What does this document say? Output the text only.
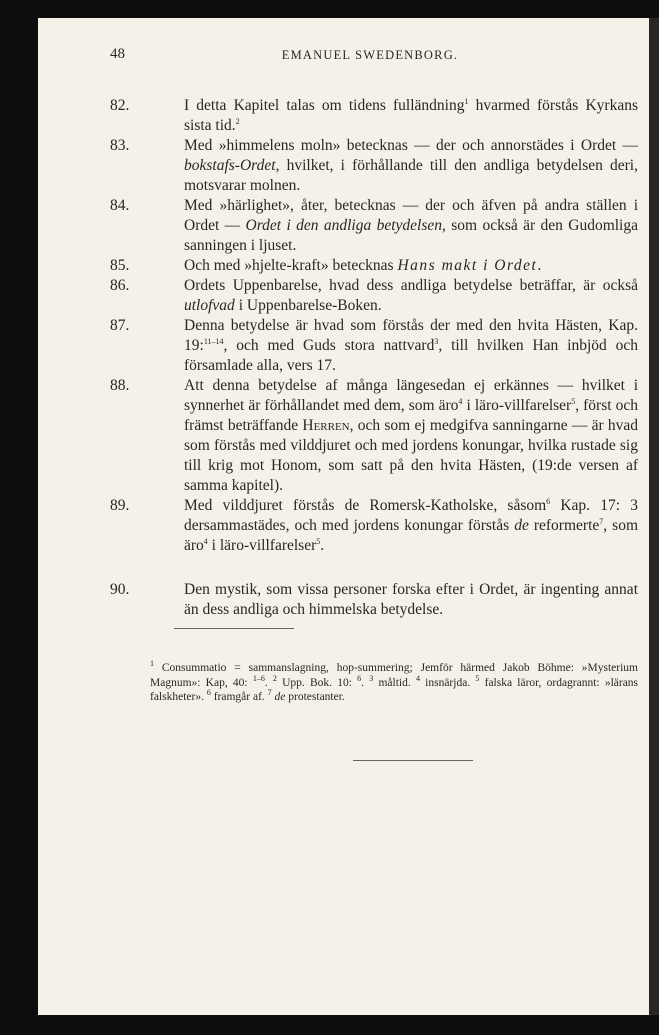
48	EMANUEL SWEDENBORG.
82.	I detta Kapitel talas om tidens fulländning$^1$ hvarmed förstås Kyrkans sista tid.$^2$
83.	Med »himmelens moln» betecknas — der och annorstädes i Ordet — bokstafs-Ordet, hvilket, i förhållande till den andliga betydelsen deri, motsvarar molnen.
84.	Med »härlighet», åter, betecknas — der och äfven på andra ställen i Ordet — Ordet i den andliga betydelsen, som också är den Gudomliga sanningen i ljuset.
85.	Och med »hjelte-kraft» betecknas Hans makt i Ordet.
86.	Ordets Uppenbarelse, hvad dess andliga betydelse beträffar, är också utlofvad i Uppenbarelse-Boken.
87.	Denna betydelse är hvad som förstås der med den hvita Hästen, Kap. 19:$^{11-14}$, och med Guds stora nattvard$^3$, till hvilken Han inbjöd och församlade alla, vers 17.
88.	Att denna betydelse af många längesedan ej erkännes — hvilket i synnerhet är förhållandet med dem, som äro$^4$ i läro-villfarelser$^5$, först och främst beträffande Herren, och som ej medgifva sanningarne — är hvad som förstås med vilddjuret och med jordens konungar, hvilka rustade sig till krig mot Honom, som satt på den hvita Hästen, (19:de versen af samma kapitel).
89.	Med vilddjuret förstås de Romersk-Katholske, såsom$^6$ Kap. 17: 3 dersammastädes, och med jordens konungar förstås de reformerte$^7$, som äro$^4$ i läro-villfarelser$^5$.
90.	Den mystik, som vissa personer forska efter i Ordet, är ingenting annat än dess andliga och himmelska betydelse.
$^1$ Consummatio = sammanslagning, hop-summering; Jemför härmed Jakob Böhme: »Mysterium Magnum»: Kap, 40: $^{1-6}$. $^2$ Upp. Bok. 10: $^6$. $^3$ måltid. $^4$ insnärjda. $^5$ falska läror, ordagrannt: »lärans falskheter». $^6$ framgår af. $^7$ de protestanter.
